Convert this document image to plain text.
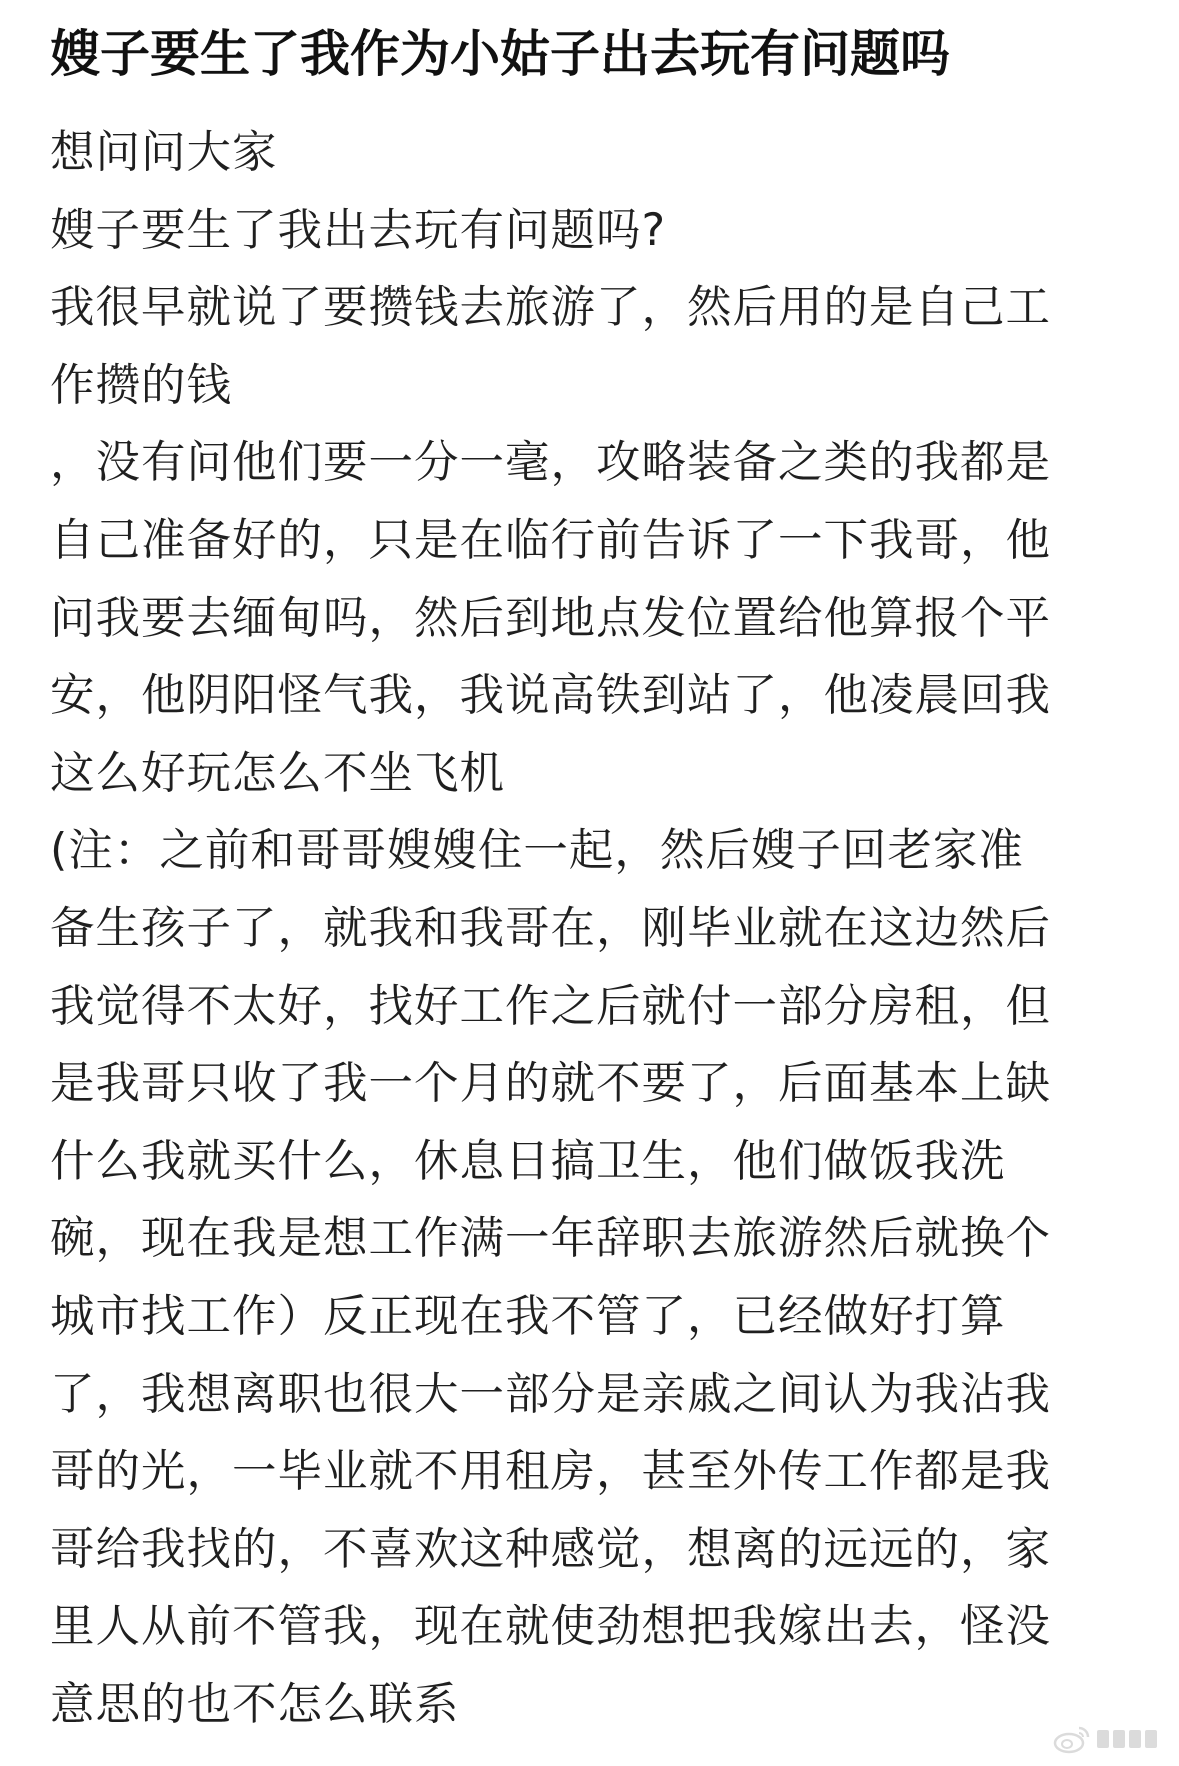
嫂子要生了我作为小姑子出去玩有问题吗
想问问大家
嫂子要生了我出去玩有问题吗?
我很早就说了要攒钱去旅游了，然后用的是自己工
作攒的钱
，没有问他们要一分一毫，攻略装备之类的我都是
自己准备好的，只是在临行前告诉了一下我哥，他
问我要去缅甸吗，然后到地点发位置给他算报个平
安，他阴阳怪气我，我说高铁到站了，他凌晨回我
这么好玩怎么不坐飞机
(注：之前和哥哥嫂嫂住一起，然后嫂子回老家准
备生孩子了，就我和我哥在，刚毕业就在这边然后
我觉得不太好，找好工作之后就付一部分房租，但
是我哥只收了我一个月的就不要了，后面基本上缺
什么我就买什么，休息日搞卫生，他们做饭我洗
碗，现在我是想工作满一年辞职去旅游然后就换个
城市找工作）反正现在我不管了，已经做好打算
了，我想离职也很大一部分是亲戚之间认为我沾我
哥的光，一毕业就不用租房，甚至外传工作都是我
哥给我找的，不喜欢这种感觉，想离的远远的，家
里人从前不管我，现在就使劲想把我嫁出去，怪没
意思的也不怎么联系
